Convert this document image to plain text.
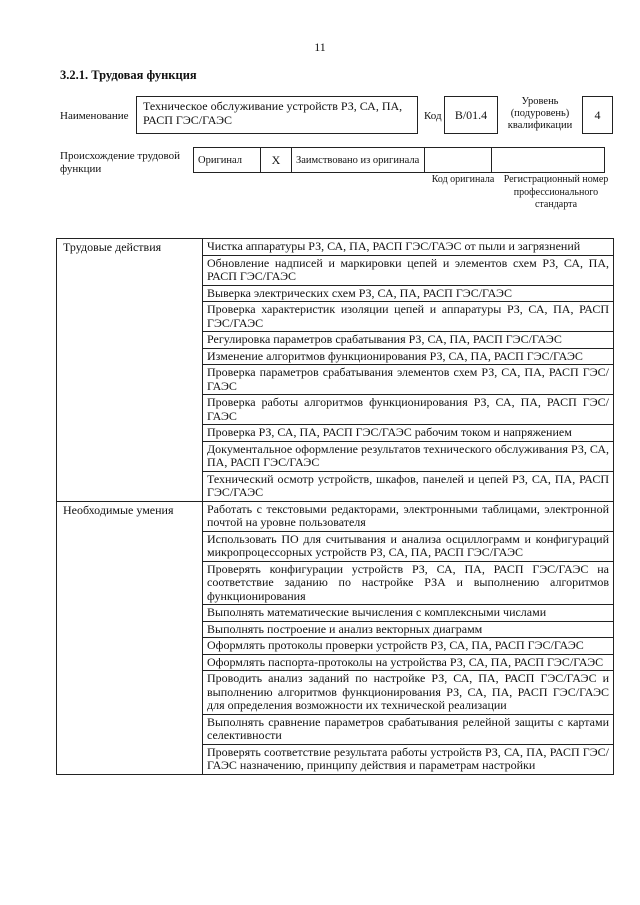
11
3.2.1. Трудовая функция
Наименование
Техническое обслуживание устройств РЗ, СА, ПА, РАСП ГЭС/ГАЭС	Код	В/01.4
Уровень (подуровень) квалификации
4
Происхождение трудовой функции
Оригинал	Х	Заимствовано из оригинала		
Код оригинала Регистрационный номер профессионального стандарта
Трудовые действия	Чистка аппаратуры РЗ, СА, ПА, РАСП ГЭС/ГАЭС от пыли и загрязнений
	Обновление надписей и маркировки цепей и элементов схем РЗ, СА, ПА, РАСП ГЭС/ГАЭС
	Выверка электрических схем РЗ, СА, ПА, РАСП ГЭС/ГАЭС
	Проверка характеристик изоляции цепей и аппаратуры РЗ, СА, ПА, РАСП ГЭС/ГАЭС
	Регулировка параметров срабатывания РЗ, СА, ПА, РАСП ГЭС/ГАЭС
	Изменение алгоритмов функционирования РЗ, СА, ПА, РАСП ГЭС/ГАЭС
	Проверка параметров срабатывания элементов схем РЗ, СА, ПА, РАСП ГЭС/ГАЭС
	Проверка работы алгоритмов функционирования РЗ, СА, ПА, РАСП ГЭС/ГАЭС
	Проверка РЗ, СА, ПА, РАСП ГЭС/ГАЭС рабочим током и напряжением
	Документальное оформление результатов технического обслуживания РЗ, СА, ПА, РАСП ГЭС/ГАЭС
	Технический осмотр устройств, шкафов, панелей и цепей РЗ, СА, ПА, РАСП ГЭС/ГАЭС
Необходимые умения	Работать с текстовыми редакторами, электронными таблицами, электронной почтой на уровне пользователя
	Использовать ПО для считывания и анализа осциллограмм и конфигураций микропроцессорных устройств РЗ, СА, ПА, РАСП ГЭС/ГАЭС
	Проверять конфигурации устройств РЗ, СА, ПА, РАСП ГЭС/ГАЭС на соответствие заданию по настройке РЗА и выполнению алгоритмов функционирования
	Выполнять математические вычисления с комплексными числами
	Выполнять построение и анализ векторных диаграмм
	Оформлять протоколы проверки устройств РЗ, СА, ПА, РАСП ГЭС/ГАЭС
	Оформлять паспорта-протоколы на устройства РЗ, СА, ПА, РАСП ГЭС/ГАЭС
	Проводить анализ заданий по настройке РЗ, СА, ПА, РАСП ГЭС/ГАЭС и выполнению алгоритмов функционирования РЗ, СА, ПА, РАСП ГЭС/ГАЭС для определения возможности их технической реализации
	Выполнять сравнение параметров срабатывания релейной защиты с картами селективности
	Проверять соответствие результата работы устройств РЗ, СА, ПА, РАСП ГЭС/ГАЭС назначению, принципу действия и параметрам настройки
